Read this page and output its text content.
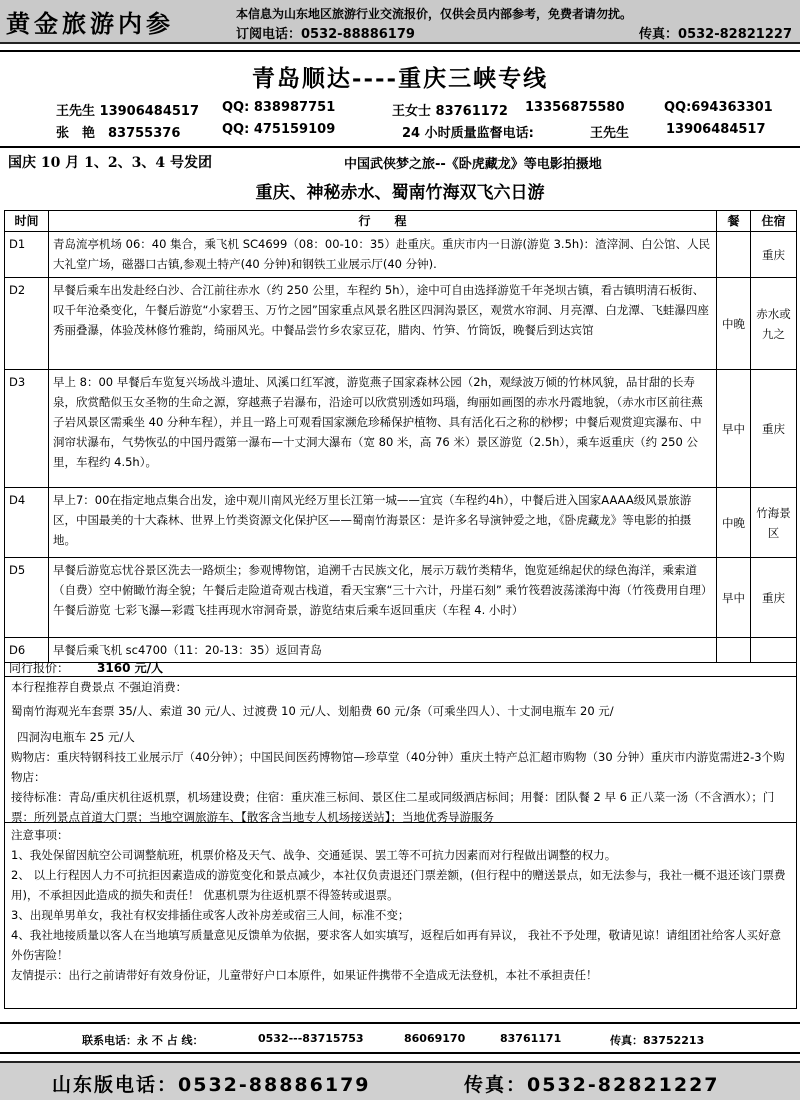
黄金旅游内参	本信息为山东地区旅游行业交流报价，仅供会员内部参考，免费者请勿扰。
订阅电话：0532-88886179	传真：0532-82821227
青岛顺达----重庆三峡专线
王先生 13906484517 QQ: 838987751	王女士 83761172 13356875580	QQ:694363301
张　艳　83755376	QQ: 475159109	24 小时质量监督电话:	王先生	13906484517
国庆 10 月 1、2、3、4 号发团	中国武侠梦之旅--《卧虎藏龙》等电影拍摄地
重庆、神秘赤水、蜀南竹海双飞六日游
时间	行　　程	餐	住宿
D1	青岛流亭机场 06：40 集合，乘飞机 SC4699（08：00-10：35）赴重庆。重庆市内一日游(游览 3.5h)：渣滓洞、白公馆、人民大礼堂广场，磁器口古镇,参观土特产(40 分钟)和钢铁工业展示厅(40 分钟).		重庆
D2	早餐后乘车出发赴经白沙、合江前往赤水（约 250 公里，车程约 5h），途中可自由选择游览千年尧坝古镇，看古镇明清石板街、叹千年沧桑变化，午餐后游览“小家碧玉、万竹之园”国家重点风景名胜区四洞沟景区，观赏水帘洞、月亮潭、白龙潭、飞蛙瀑四座秀丽叠瀑，体验茂林修竹雅韵，绮丽风光。中餐品尝竹乡农家豆花，腊肉、竹笋、竹筒饭，晚餐后到达宾馆	中晚	赤水或九之
D3	早上 8：00 早餐后车览复兴场战斗遗址、风溪口红军渡，游览燕子国家森林公园（2h，观绿波万倾的竹林风貌，品甘甜的长寿泉，欣赏酷似玉女圣物的生命之源，穿越燕子岩瀑布，沿途可以欣赏别透如玛瑙，绚丽如画图的赤水丹霞地貌，（赤水市区前往燕子岩风景区需乘坐 40 分种车程），并且一路上可观看国家濒危珍稀保护植物、具有活化石之称的桫椤；中餐后观赏迎宾瀑布、中洞帘状瀑布，气势恢弘的中国丹霞第一瀑布—十丈洞大瀑布（宽 80 米，高 76 米）景区游览（2.5h），乘车返重庆（约 250 公里，车程约 4.5h）。	早中	重庆
D4	早上7：00在指定地点集合出发，途中观川南风光经万里长江第一城——宜宾（车程约4h），中餐后进入国家AAAA级风景旅游区，中国最美的十大森林、世界上竹类资源文化保护区——蜀南竹海景区：是许多名导演钟爱之地，《卧虎藏龙》等电影的拍摄地。	中晚	竹海景区
D5	早餐后游览忘忧谷景区洗去一路烦尘；参观博物馆，追溯千古民族文化，展示万载竹类精华，饱览延绵起伏的绿色海洋，乘索道（自费）空中俯瞰竹海全貌；午餐后走险道奇观古栈道，看天宝寨“三十六计，丹崖石刻” 乘竹筏碧波荡漾海中海（竹筏费用自理）午餐后游览 七彩飞瀑—彩霞飞挂再现水帘洞奇景，游览结束后乘车返回重庆（车程 4. 小时）	早中	重庆
D6	早餐后乘飞机 sc4700（11：20-13：35）返回青岛		
同行报价： 3160 元/人
本行程推荐自费景点 不强迫消费：
蜀南竹海观光车套票 35/人、索道 30 元/人、过渡费 10 元/人、划船费 60 元/条（可乘坐四人）、十丈洞电瓶车 20 元/
四洞沟电瓶车 25 元/人
购物店：重庆特钢科技工业展示厅（40分钟）；中国民间医药博物馆—珍草堂（40分钟）重庆土特产总汇超市购物（30 分钟）重庆市内游览需进2-3个购物店：
接待标准：青岛/重庆机往返机票，机场建设费；住宿：重庆准三标间、景区住二星或同级酒店标间；用餐：团队餐 2 早 6 正八菜一汤（不含酒水）；门票：所列景点首道大门票；当地空调旅游车、【散客含当地专人机场接送站】；当地优秀导游服务
注意事项：
1、我处保留因航空公司调整航班，机票价格及天气、战争、交通延误、罢工等不可抗力因素而对行程做出调整的权力。
2、 以上行程因人力不可抗拒因素造成的游览变化和景点减少，本社仅负责退还门票差额，(但行程中的赠送景点，如无法参与，我社一概不退还该门票费用)，不承担因此造成的损失和责任！ 优惠机票为往返机票不得签转或退票。
3、出现单男单女，我社有权安排插住或客人改补房差或宿三人间，标准不变；
4、我社地接质量以客人在当地填写质量意见反馈单为依据，要求客人如实填写，返程后如再有异议， 我社不予处理，敬请见谅！请组团社给客人买好意外伤害险！
友情提示：出行之前请带好有效身份证，儿童带好户口本原件，如果证件携带不全造成无法登机，本社不承担责任！
联系电话：永 不 占 线：	0532---83715753	86069170	83761171	传真：83752213
山东版电话：0532-88886179	传真：0532-82821227
